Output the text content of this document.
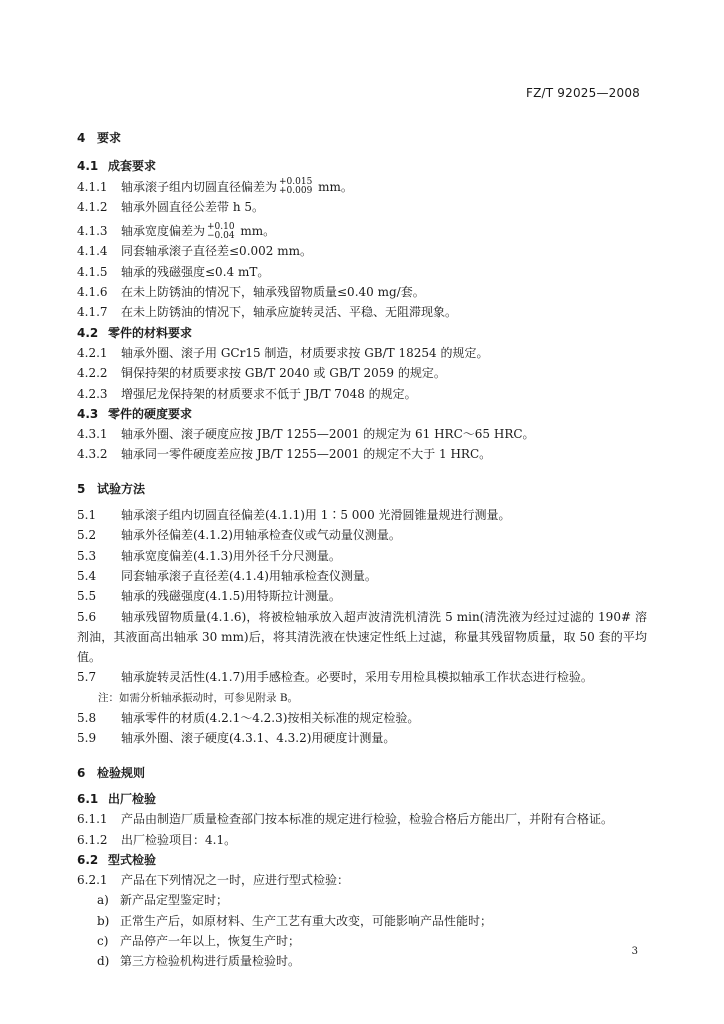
FZ/T 92025—2008
4 要求
4.1 成套要求
4.1.1 轴承滚子组内切圆直径偏差为 +0.015
+0.009 mm。
4.1.2 轴承外圆直径公差带 h 5。
4.1.3 轴承宽度偏差为 +0.10
−0.04 mm。
4.1.4 同套轴承滚子直径差≤0.002 mm。
4.1.5 轴承的残磁强度≤0.4 mT。
4.1.6 在未上防锈油的情况下，轴承残留物质量≤0.40 mg/套。
4.1.7 在未上防锈油的情况下，轴承应旋转灵活、平稳、无阻滞现象。
4.2 零件的材料要求
4.2.1 轴承外圈、滚子用 GCr15 制造，材质要求按 GB/T 18254 的规定。
4.2.2 铜保持架的材质要求按 GB/T 2040 或 GB/T 2059 的规定。
4.2.3 增强尼龙保持架的材质要求不低于 JB/T 7048 的规定。
4.3 零件的硬度要求
4.3.1 轴承外圈、滚子硬度应按 JB/T 1255—2001 的规定为 61 HRC～65 HRC。
4.3.2 轴承同一零件硬度差应按 JB/T 1255—2001 的规定不大于 1 HRC。
5 试验方法
5.1 轴承滚子组内切圆直径偏差(4.1.1)用 1∶5 000 光滑圆锥量规进行测量。
5.2 轴承外径偏差(4.1.2)用轴承检查仪或气动量仪测量。
5.3 轴承宽度偏差(4.1.3)用外径千分尺测量。
5.4 同套轴承滚子直径差(4.1.4)用轴承检查仪测量。
5.5 轴承的残磁强度(4.1.5)用特斯拉计测量。
5.6 轴承残留物质量(4.1.6)，将被检轴承放入超声波清洗机清洗 5 min(清洗液为经过过滤的 190# 溶剂油，其液面高出轴承 30 mm)后，将其清洗液在快速定性纸上过滤，称量其残留物质量，取 50 套的平均值。
5.7 轴承旋转灵活性(4.1.7)用手感检查。必要时，采用专用检具模拟轴承工作状态进行检验。
注：如需分析轴承振动时，可参见附录 B。
5.8 轴承零件的材质(4.2.1～4.2.3)按相关标准的规定检验。
5.9 轴承外圈、滚子硬度(4.3.1、4.3.2)用硬度计测量。
6 检验规则
6.1 出厂检验
6.1.1 产品由制造厂质量检查部门按本标准的规定进行检验，检验合格后方能出厂，并附有合格证。
6.1.2 出厂检验项目：4.1。
6.2 型式检验
6.2.1 产品在下列情况之一时，应进行型式检验：
a) 新产品定型鉴定时；
b) 正常生产后，如原材料、生产工艺有重大改变，可能影响产品性能时；
c) 产品停产一年以上，恢复生产时；
d) 第三方检验机构进行质量检验时。
3
